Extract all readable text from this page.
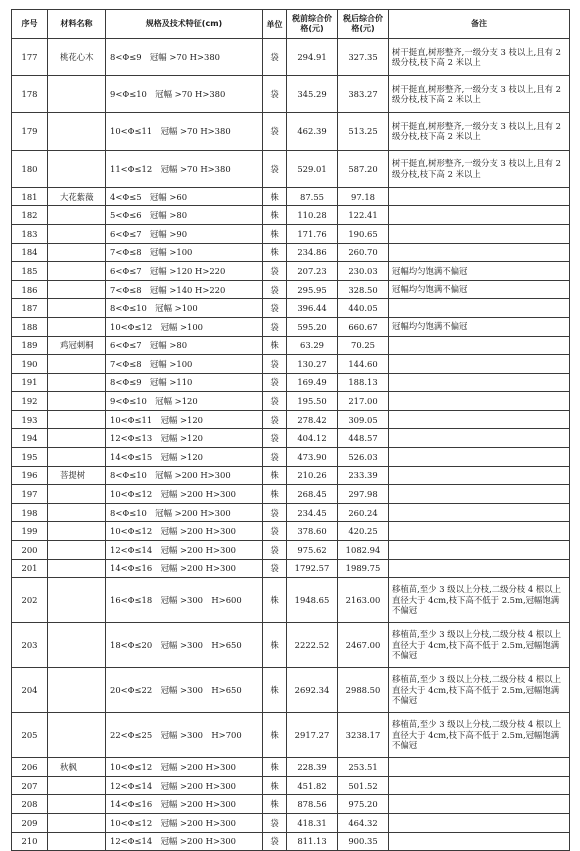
序号	材料名称	规格及技术特征(cm)	单位	税前综合价格(元)	税后综合价格(元)	备注
177	桃花心木	8<Φ≤9　冠幅 >70 H>380	袋	294.91	327.35	树干挺直,树形整齐,一级分支 3 枝以上,且有 2 级分枝,枝下高 2 米以上
178		9<Φ≤10　冠幅 >70 H>380	袋	345.29	383.27	树干挺直,树形整齐,一级分支 3 枝以上,且有 2 级分枝,枝下高 2 米以上
179		10<Φ≤11　冠幅 >70 H>380	袋	462.39	513.25	树干挺直,树形整齐,一级分支 3 枝以上,且有 2 级分枝,枝下高 2 米以上
180		11<Φ≤12　冠幅 >70 H>380	袋	529.01	587.20	树干挺直,树形整齐,一级分支 3 枝以上,且有 2 级分枝,枝下高 2 米以上
181	大花紫薇	4<Φ≤5　冠幅 >60	株	87.55	97.18	
182		5<Φ≤6　冠幅 >80	株	110.28	122.41	
183		6<Φ≤7　冠幅 >90	株	171.76	190.65	
184		7<Φ≤8　冠幅 >100	株	234.86	260.70	
185		6<Φ≤7　冠幅 >120 H>220	袋	207.23	230.03	冠幅均匀饱满不偏冠
186		7<Φ≤8　冠幅 >140 H>220	袋	295.95	328.50	冠幅均匀饱满不偏冠
187		8<Φ≤10　冠幅 >100	袋	396.44	440.05	
188		10<Φ≤12　冠幅 >100	袋	595.20	660.67	冠幅均匀饱满不偏冠
189	鸡冠刺桐	6<Φ≤7　冠幅 >80	株	63.29	70.25	
190		7<Φ≤8　冠幅 >100	袋	130.27	144.60	
191		8<Φ≤9　冠幅 >110	袋	169.49	188.13	
192		9<Φ≤10　冠幅 >120	袋	195.50	217.00	
193		10<Φ≤11　冠幅 >120	袋	278.42	309.05	
194		12<Φ≤13　冠幅 >120	袋	404.12	448.57	
195		14<Φ≤15　冠幅 >120	袋	473.90	526.03	
196	菩提树	8<Φ≤10　冠幅 >200 H>300	株	210.26	233.39	
197		10<Φ≤12　冠幅 >200 H>300	株	268.45	297.98	
198		8<Φ≤10　冠幅 >200 H>300	袋	234.45	260.24	
199		10<Φ≤12　冠幅 >200 H>300	袋	378.60	420.25	
200		12<Φ≤14　冠幅 >200 H>300	袋	975.62	1082.94	
201		14<Φ≤16　冠幅 >200 H>300	袋	1792.57	1989.75	
202		16<Φ≤18　冠幅 >300　H>600	株	1948.65	2163.00	移植苗,至少 3 级以上分枝,二级分枝 4 根以上直径大于 4cm,枝下高不低于 2.5m,冠幅饱满不偏冠
203		18<Φ≤20　冠幅 >300　H>650	株	2222.52	2467.00	移植苗,至少 3 级以上分枝,二级分枝 4 根以上直径大于 4cm,枝下高不低于 2.5m,冠幅饱满不偏冠
204		20<Φ≤22　冠幅 >300　H>650	株	2692.34	2988.50	移植苗,至少 3 级以上分枝,二级分枝 4 根以上直径大于 4cm,枝下高不低于 2.5m,冠幅饱满不偏冠
205		22<Φ≤25　冠幅 >300　H>700	株	2917.27	3238.17	移植苗,至少 3 级以上分枝,二级分枝 4 根以上直径大于 4cm,枝下高不低于 2.5m,冠幅饱满不偏冠
206	秋枫	10<Φ≤12　冠幅 >200 H>300	株	228.39	253.51	
207		12<Φ≤14　冠幅 >200 H>300	株	451.82	501.52	
208		14<Φ≤16　冠幅 >200 H>300	株	878.56	975.20	
209		10<Φ≤12　冠幅 >200 H>300	袋	418.31	464.32	
210		12<Φ≤14　冠幅 >200 H>300	袋	811.13	900.35	
